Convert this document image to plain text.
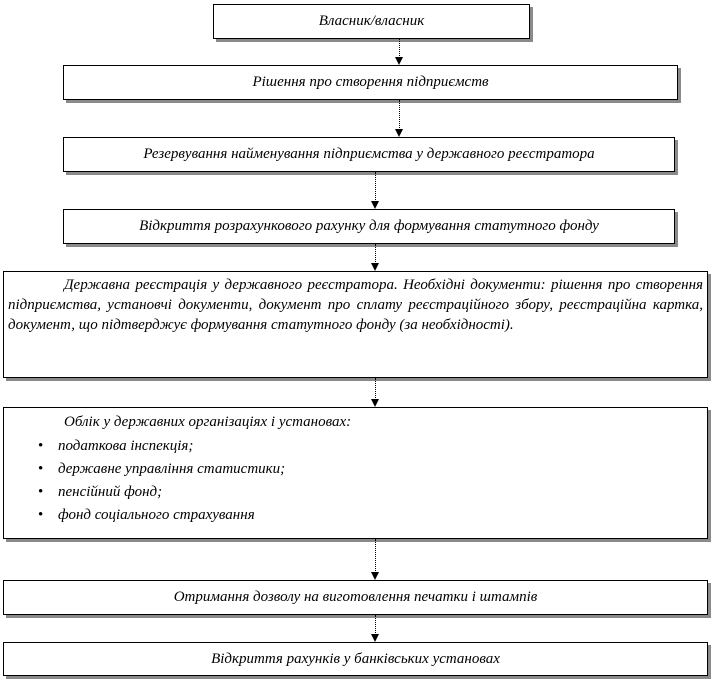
Власник/власник
Рішення про створення підприємств
Резервування найменування підприємства у державного реєстратора
Відкриття розрахункового рахунку для формування статутного фонду
Державна реєстрація у державного реєстратора. Необхідні документи: рішення про створення підприємства, установчі документи, документ про сплату реєстраційного збору, реєстраційна картка, документ, що підтверджує формування статутного фонду (за необхідності).
Облік у державних організаціях і установах:
• податкова інспекція;
• державне управління статистики;
• пенсійний фонд;
• фонд соціального страхування
Отримання дозволу на виготовлення печатки і штампів
Відкриття рахунків у банківських установах
